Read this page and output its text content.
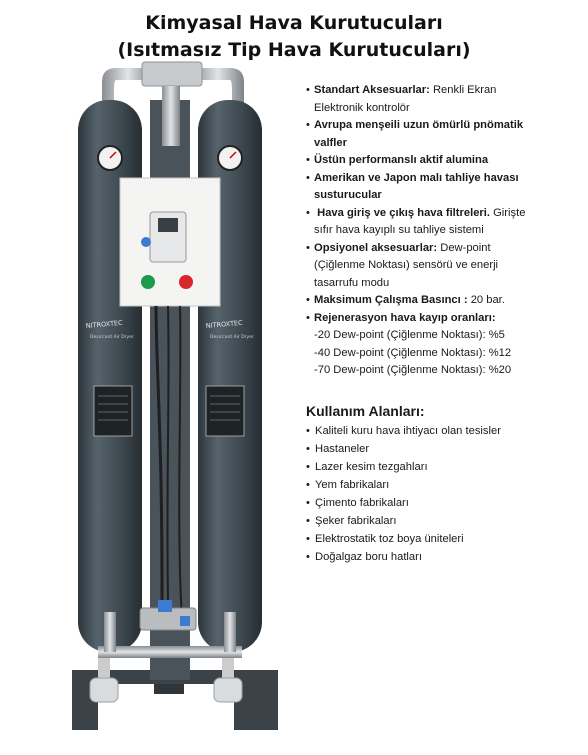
Kimyasal Hava Kurutucuları
(Isıtmasız Tip Hava Kurutucuları)
NITROXTEC
Desiccant Air Dryer
NITROXTEC
Desiccant Air Dryer

• Standart Aksesuarlar: Renkli Ekran
Elektronik kontrolör

• Avrupa menşeili uzun ömürlü pnömatik
valfler

• Üstün performanslı aktif alumina

• Amerikan ve Japon malı tahliye havası
susturucular

• Hava giriş ve çıkış hava filtreleri. Girişte
sıfır hava kayıplı su tahliye sistemi

• Opsiyonel aksesuarlar: Dew-point
(Çiğlenme Noktası) sensörü ve enerji
tasarrufu modu

• Maksimum Çalışma Basıncı : 20 bar.

• Rejenerasyon hava kayıp oranları:

-20 Dew-point (Çiğlenme Noktası): %5
-40 Dew-point (Çiğlenme Noktası): %12
-70 Dew-point (Çiğlenme Noktası): %20
Kullanım Alanları:
• Kaliteli kuru hava ihtiyacı olan tesisler
• Hastaneler
• Lazer kesim tezgahları
• Yem fabrikaları
• Çimento fabrikaları
• Şeker fabrikaları
• Elektrostatik toz boya üniteleri
• Doğalgaz boru hatları
